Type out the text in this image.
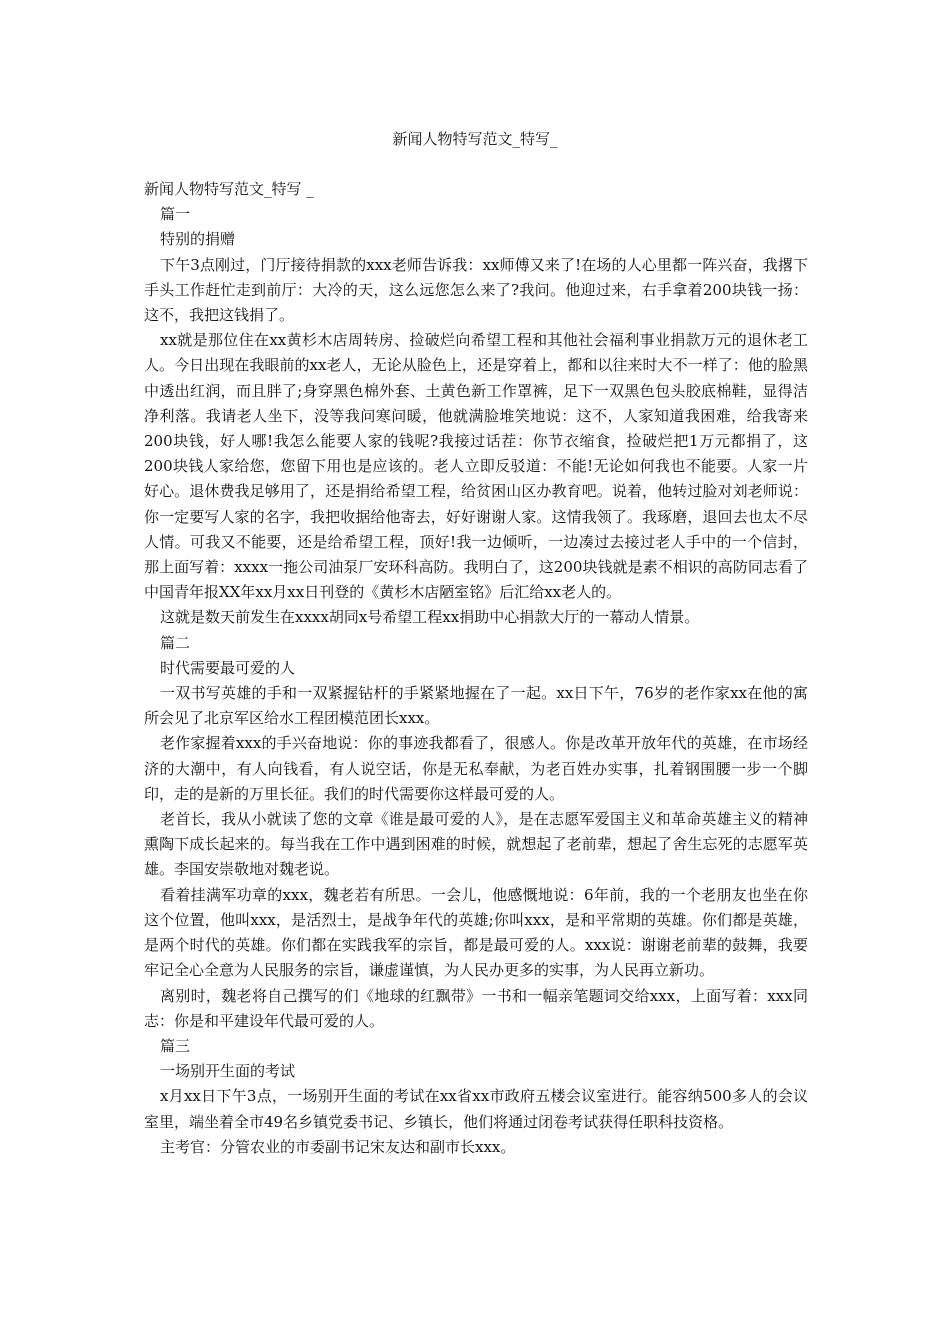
新闻人物特写范文_特写_

新闻人物特写范文_特写 _

篇一

特别的捐赠

下午3点刚过，门厅接待捐款的xxx老师告诉我：xx师傅又来了!在场的人心里都一阵兴奋，我撂下手头工作赶忙走到前厅：大冷的天，这么远您怎么来了?我问。他迎过来，右手拿着200块钱一扬：这不，我把这钱捐了。

xx就是那位住在xx黄杉木店周转房、捡破烂向希望工程和其他社会福利事业捐款万元的退休老工人。今日出现在我眼前的xx老人，无论从脸色上，还是穿着上，都和以往来时大不一样了：他的脸黑中透出红润，而且胖了;身穿黑色棉外套、土黄色新工作罩裤，足下一双黑色包头胶底棉鞋，显得洁净利落。我请老人坐下，没等我问寒问暖，他就满脸堆笑地说：这不，人家知道我困难，给我寄来200块钱，好人哪!我怎么能要人家的钱呢?我接过话茬：你节衣缩食，捡破烂把1万元都捐了，这200块钱人家给您，您留下用也是应该的。老人立即反驳道：不能!无论如何我也不能要。人家一片好心。退休费我足够用了，还是捐给希望工程，给贫困山区办教育吧。说着，他转过脸对刘老师说：你一定要写人家的名字，我把收据给他寄去，好好谢谢人家。这情我领了。我琢磨，退回去也太不尽人情。可我又不能要，还是给希望工程，顶好!我一边倾听，一边凑过去接过老人手中的一个信封，那上面写着：xxxx一拖公司油泵厂安环科高防。我明白了，这200块钱就是素不相识的高防同志看了中国青年报XX年xx月xx日刊登的《黄杉木店陋室铭》后汇给xx老人的。

这就是数天前发生在xxxx胡同x号希望工程xx捐助中心捐款大厅的一幕动人情景。

篇二

时代需要最可爱的人

一双书写英雄的手和一双紧握钻杆的手紧紧地握在了一起。xx日下午，76岁的老作家xx在他的寓所会见了北京军区给水工程团模范团长xxx。

老作家握着xxx的手兴奋地说：你的事迹我都看了，很感人。你是改革开放年代的英雄，在市场经济的大潮中，有人向钱看，有人说空话，你是无私奉献，为老百姓办实事，扎着钢围腰一步一个脚印，走的是新的万里长征。我们的时代需要你这样最可爱的人。

老首长，我从小就读了您的文章《谁是最可爱的人》，是在志愿军爱国主义和革命英雄主义的精神熏陶下成长起来的。每当我在工作中遇到困难的时候，就想起了老前辈，想起了舍生忘死的志愿军英雄。李国安崇敬地对魏老说。

看着挂满军功章的xxx，魏老若有所思。一会儿，他感慨地说：6年前，我的一个老朋友也坐在你这个位置，他叫xxx，是活烈士，是战争年代的英雄;你叫xxx，是和平常期的英雄。你们都是英雄，是两个时代的英雄。你们都在实践我军的宗旨，都是最可爱的人。xxx说：谢谢老前辈的鼓舞，我要牢记全心全意为人民服务的宗旨，谦虚谨慎，为人民办更多的实事，为人民再立新功。

离别时，魏老将自己撰写的们《地球的红飘带》一书和一幅亲笔题词交给xxx，上面写着：xxx同志：你是和平建设年代最可爱的人。

篇三

一场别开生面的考试

x月xx日下午3点，一场别开生面的考试在xx省xx市政府五楼会议室进行。能容纳500多人的会议室里，端坐着全市49名乡镇党委书记、乡镇长，他们将通过闭卷考试获得任职科技资格。

主考官：分管农业的市委副书记宋友达和副市长xxx。
